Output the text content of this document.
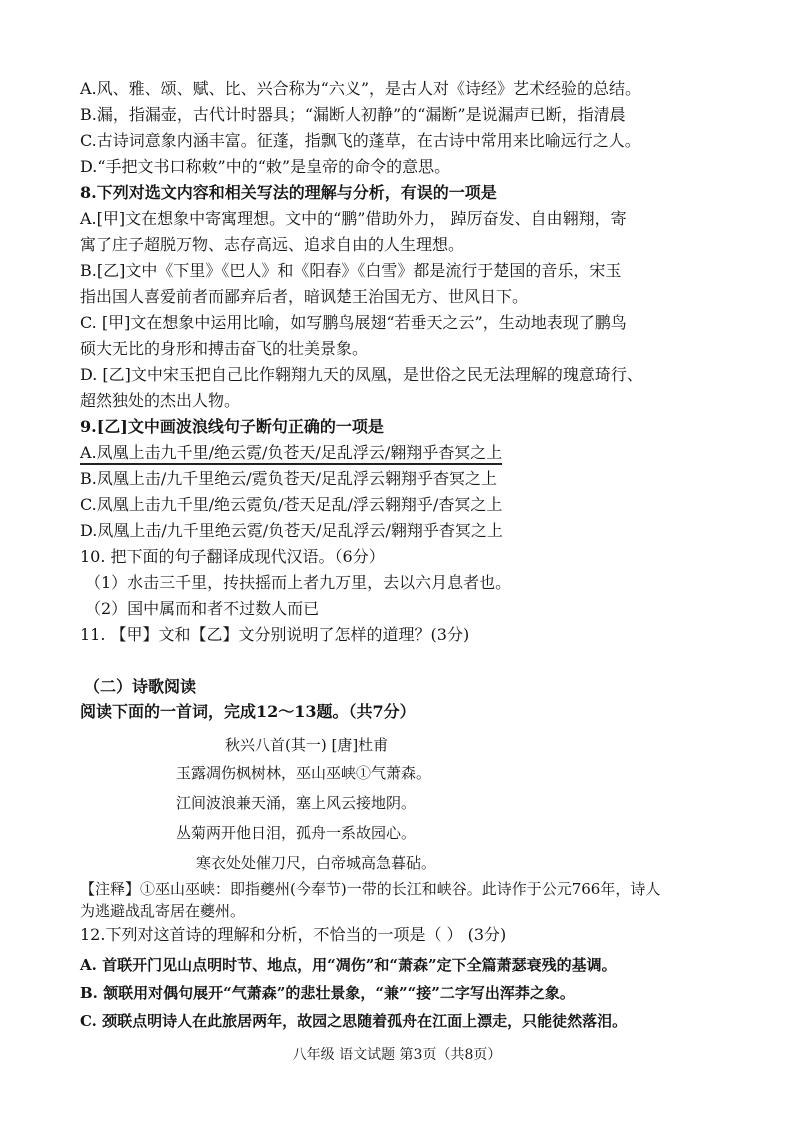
A.风、雅、颂、赋、比、兴合称为“六义”，是古人对《诗经》艺术经验的总结。
B.漏，指漏壶，古代计时器具；“漏断人初静”的“漏断”是说漏声已断，指清晨
C.古诗词意象内涵丰富。征蓬，指飘飞的蓬草，在古诗中常用来比喻远行之人。
D.“手把文书口称敕”中的“敕”是皇帝的命令的意思。
8.下列对选文内容和相关写法的理解与分析，有误的一项是
A.[甲]文在想象中寄寓理想。文中的“鹏”借助外力， 踔厉奋发、自由翱翔，寄
寓了庄子超脱万物、志存高远、追求自由的人生理想。
B.[乙]文中《下里》《巴人》和《阳春》《白雪》都是流行于楚国的音乐，宋玉
指出国人喜爱前者而鄙弃后者，暗讽楚王治国无方、世风日下。
C. [甲]文在想象中运用比喻，如写鹏鸟展翅“若垂天之云”，生动地表现了鹏鸟
硕大无比的身形和搏击奋飞的壮美景象。
D. [乙]文中宋玉把自己比作翱翔九天的凤凰，是世俗之民无法理解的瑰意琦行、
超然独处的杰出人物。
9.[乙]文中画波浪线句子断句正确的一项是
A.凤凰上击九千里/绝云霓/负苍天/足乱浮云/翱翔乎杳冥之上
B.凤凰上击/九千里绝云/霓负苍天/足乱浮云翱翔乎杳冥之上
C.凤凰上击九千里/绝云霓负/苍天足乱/浮云翱翔乎/杳冥之上
D.凤凰上击/九千里绝云霓/负苍天/足乱浮云/翱翔乎杳冥之上
10. 把下面的句子翻译成现代汉语。（6分）
（1）水击三千里，抟扶摇而上者九万里，去以六月息者也。
（2）国中属而和者不过数人而已
11. 【甲】文和【乙】文分别说明了怎样的道理？(3分)
（二）诗歌阅读
阅读下面的一首词，完成12～13题。（共7分）
秋兴八首(其一) [唐]杜甫
玉露凋伤枫树林，巫山巫峡①气萧森。
江间波浪兼天涌，塞上风云接地阴。
丛菊两开他日泪，孤舟一系故园心。
寒衣处处催刀尺，白帝城高急暮砧。
【注释】①巫山巫峡：即指夔州(今奉节)一带的长江和峡谷。此诗作于公元766年，诗人
为逃避战乱寄居在夔州。
12.下列对这首诗的理解和分析，不恰当的一项是（ ） (3分)
A. 首联开门见山点明时节、地点，用“凋伤”和“萧森”定下全篇萧瑟衰残的基调。
B. 颔联用对偶句展开“气萧森”的悲壮景象，“兼”“接”二字写出浑莽之象。
C. 颈联点明诗人在此旅居两年，故园之思随着孤舟在江面上漂走，只能徒然落泪。
八年级 语文试题 第3页（共8页）
